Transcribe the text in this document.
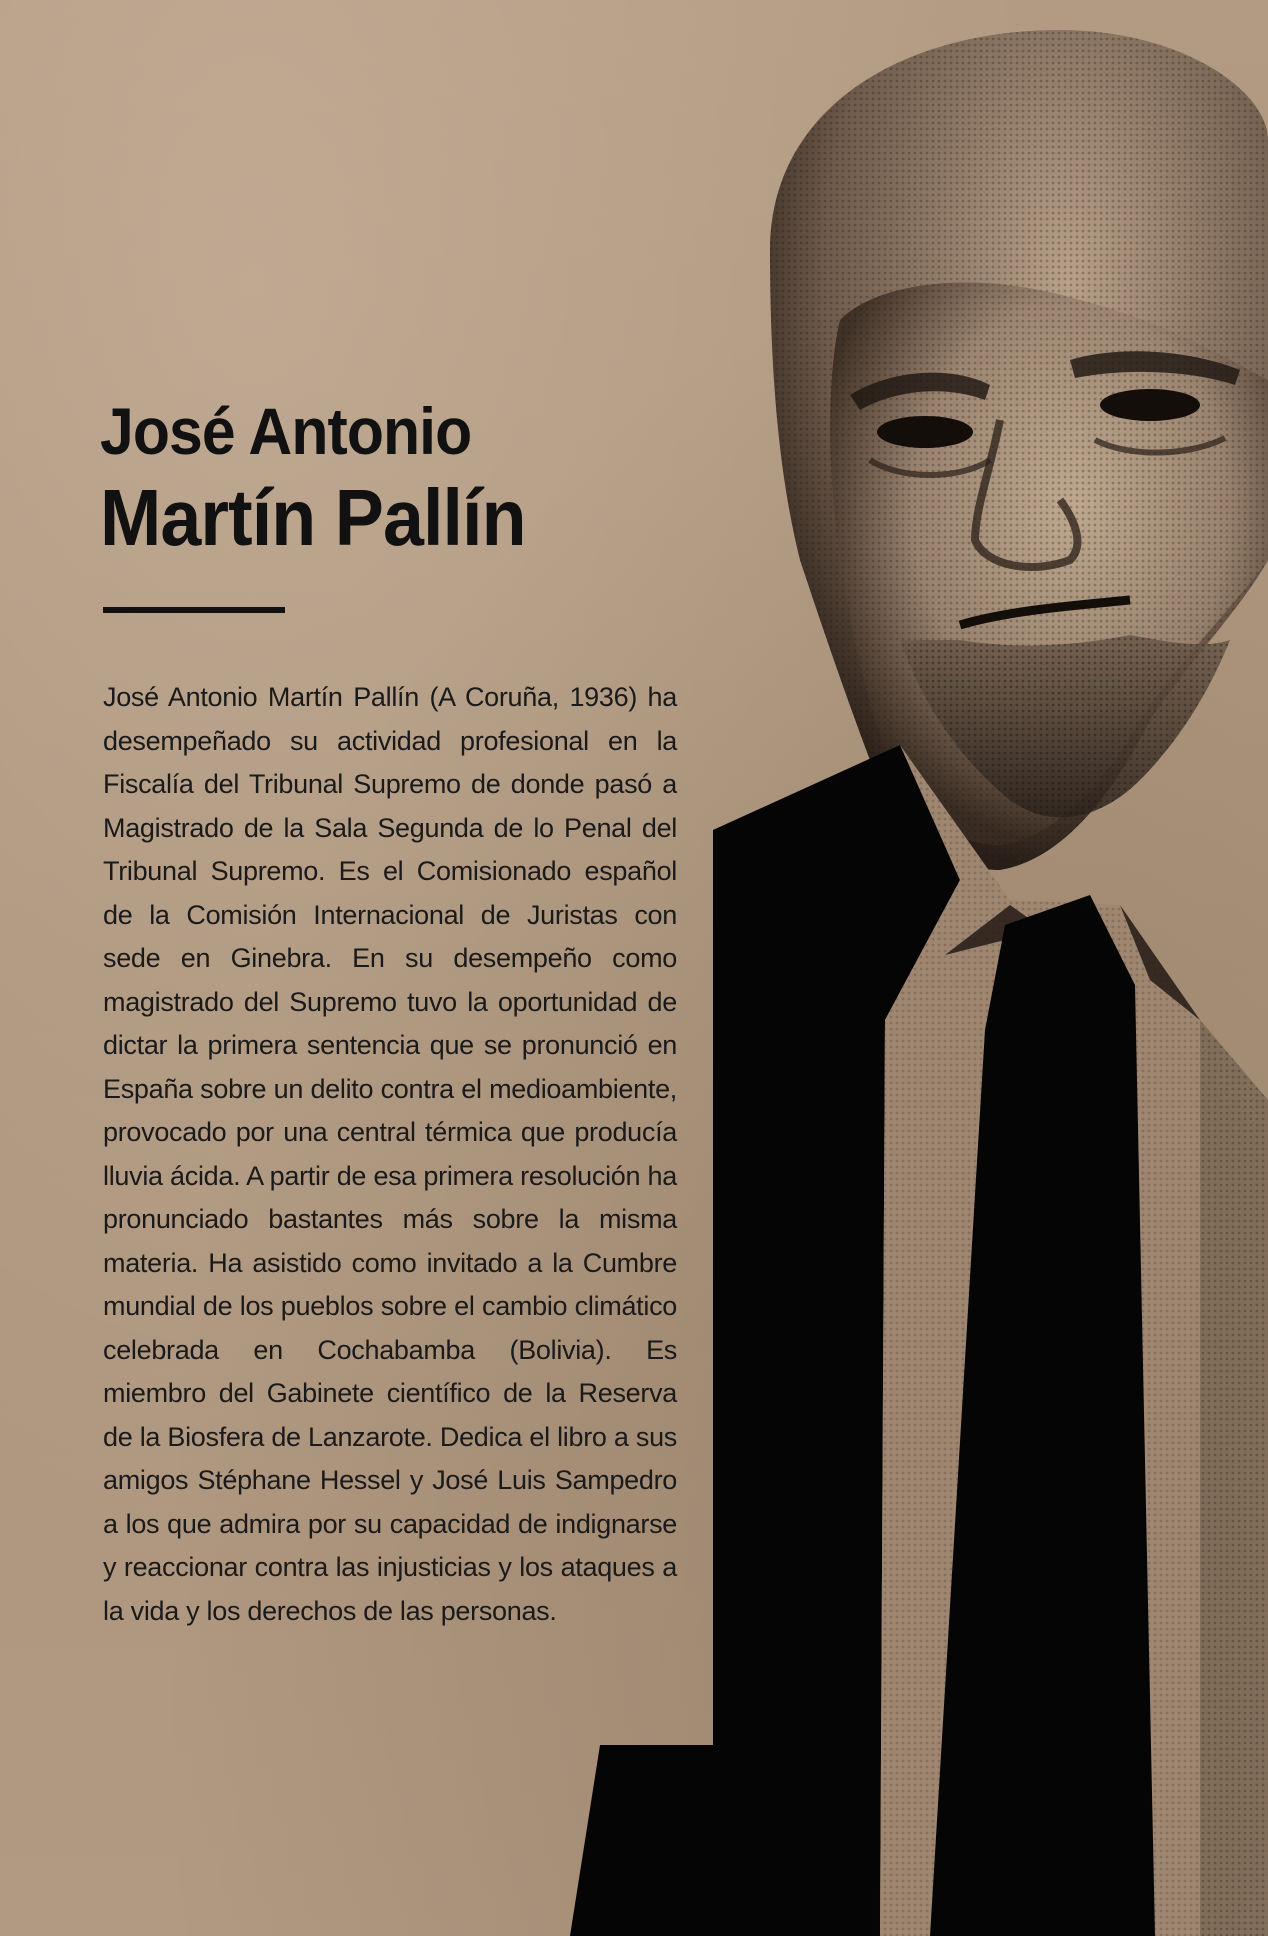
José Antonio
Martín Pallín

José Antonio Martín Pallín (A Coruña, 1936) ha desempeñado su actividad profesional en la Fiscalía del Tribunal Supremo de donde pasó a Magistrado de la Sala Segunda de lo Penal del Tribunal Supremo. Es el Comisionado español de la Comisión Internacional de Juristas con sede en Ginebra. En su desempeño como magistrado del Supremo tuvo la oportunidad de dictar la primera sentencia que se pronunció en España sobre un delito contra el medioambiente, provocado por una central térmica que producía lluvia ácida. A partir de esa primera resolución ha pronunciado bastantes más sobre la misma materia. Ha asistido como invitado a la Cumbre mundial de los pueblos sobre el cambio climático celebrada en Cochabamba (Bolivia). Es miembro del Gabinete científico de la Reserva de la Biosfera de Lanzarote. Dedica el libro a sus amigos Stéphane Hessel y José Luis Sampedro a los que admira por su capacidad de indignarse y reaccionar contra las injusticias y los ataques a la vida y los derechos de las personas.
